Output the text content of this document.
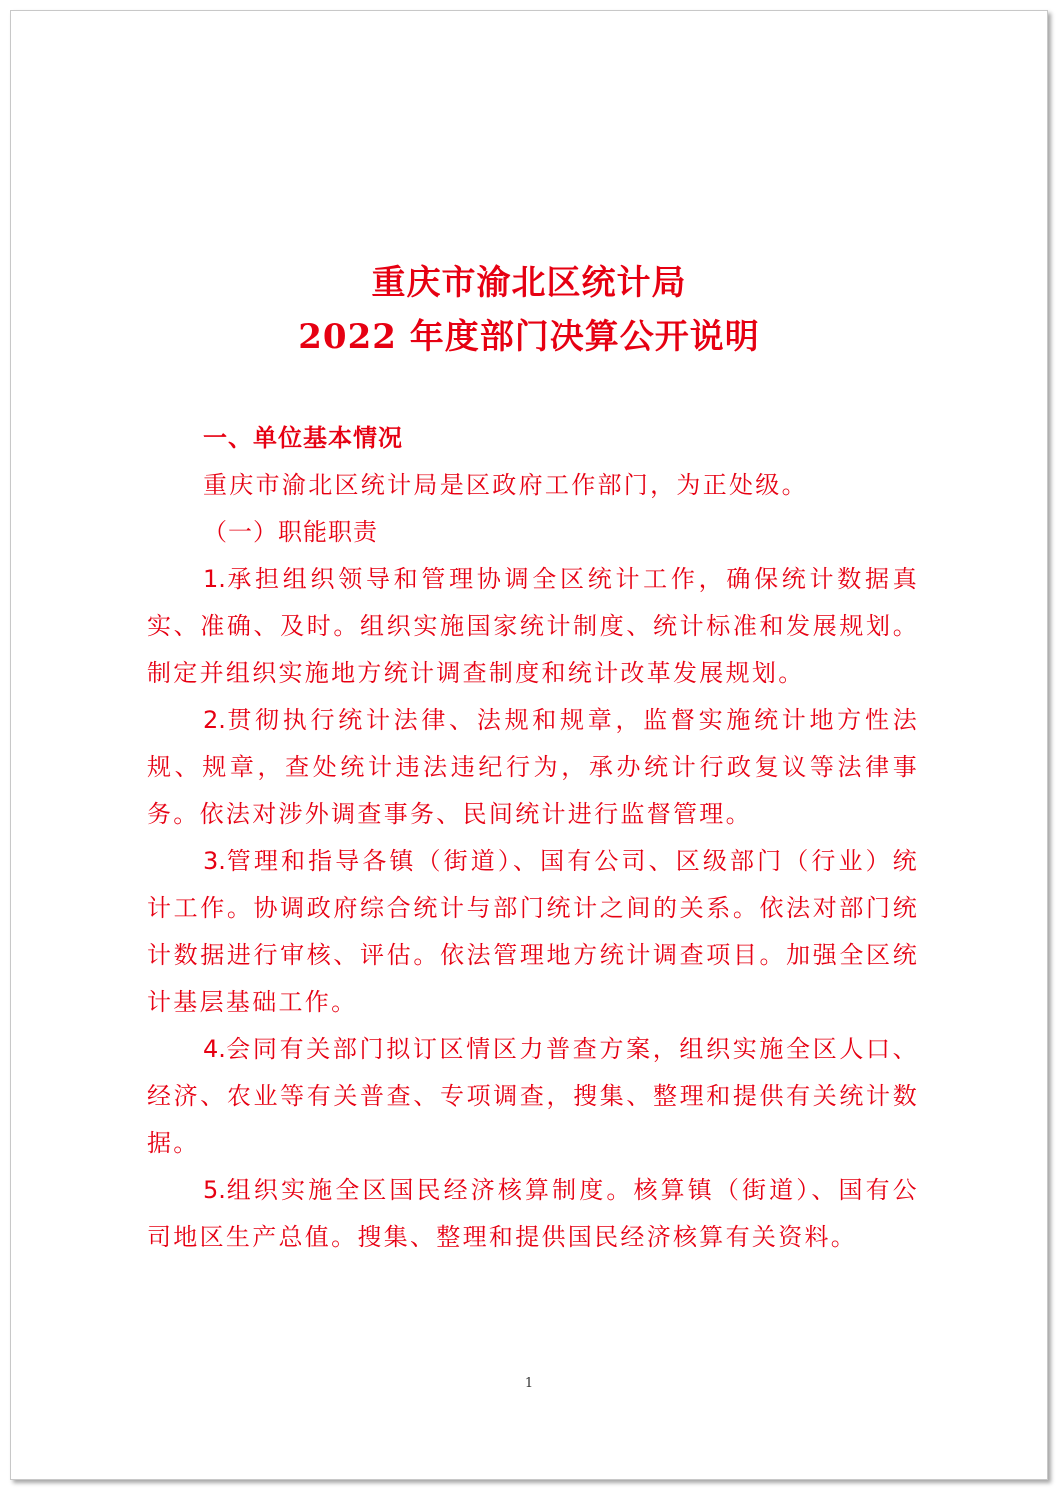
重庆市渝北区统计局
2022 年度部门决算公开说明

一、单位基本情况

重庆市渝北区统计局是区政府工作部门，为正处级。

（一）职能职责

1.承担组织领导和管理协调全区统计工作，确保统计数据真实、准确、及时。组织实施国家统计制度、统计标准和发展规划。制定并组织实施地方统计调查制度和统计改革发展规划。

2.贯彻执行统计法律、法规和规章，监督实施统计地方性法规、规章，查处统计违法违纪行为，承办统计行政复议等法律事务。依法对涉外调查事务、民间统计进行监督管理。

3.管理和指导各镇（街道）、国有公司、区级部门（行业）统计工作。协调政府综合统计与部门统计之间的关系。依法对部门统计数据进行审核、评估。依法管理地方统计调查项目。加强全区统计基层基础工作。

4.会同有关部门拟订区情区力普查方案，组织实施全区人口、经济、农业等有关普查、专项调查，搜集、整理和提供有关统计数据。

5.组织实施全区国民经济核算制度。核算镇（街道）、国有公司地区生产总值。搜集、整理和提供国民经济核算有关资料。

1
